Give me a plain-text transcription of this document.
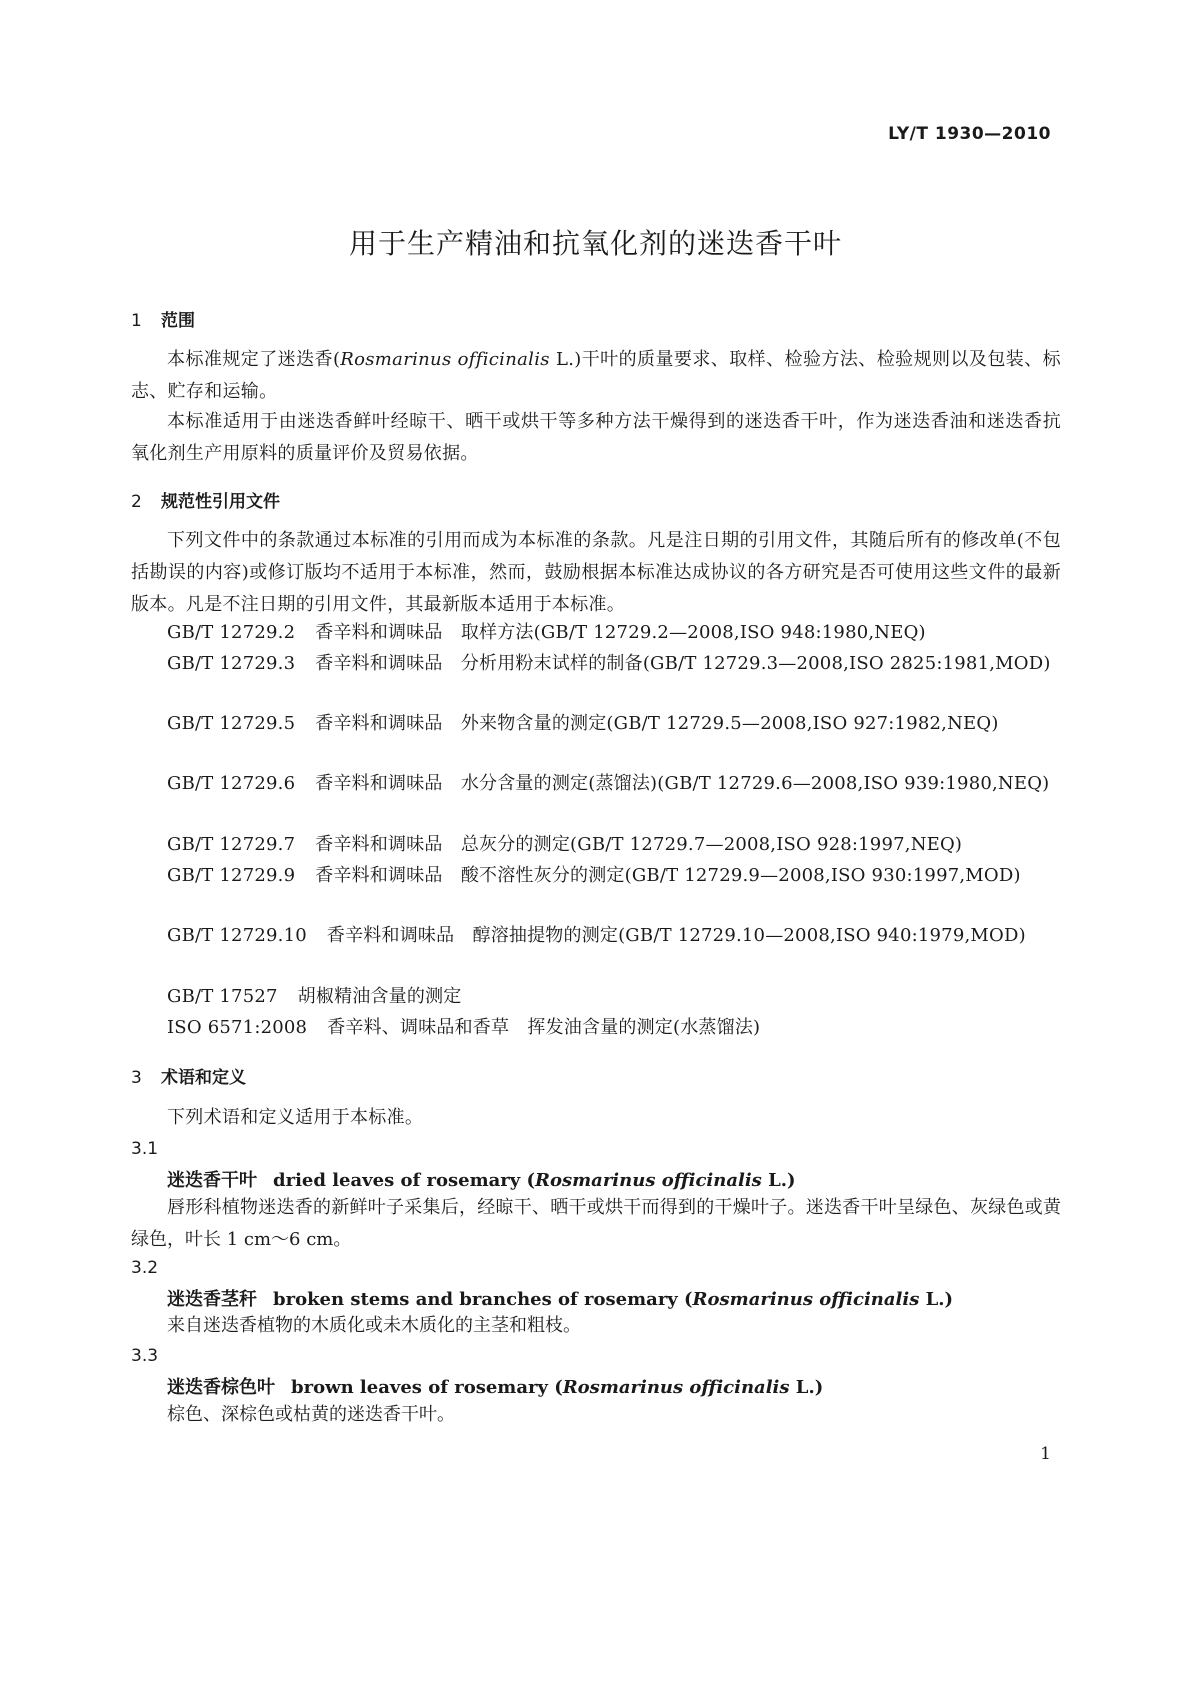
LY/T 1930—2010
用于生产精油和抗氧化剂的迷迭香干叶
1 范围
本标准规定了迷迭香(Rosmarinus officinalis L.)干叶的质量要求、取样、检验方法、检验规则以及包装、标志、贮存和运输。
本标准适用于由迷迭香鲜叶经晾干、晒干或烘干等多种方法干燥得到的迷迭香干叶，作为迷迭香油和迷迭香抗氧化剂生产用原料的质量评价及贸易依据。
2 规范性引用文件
下列文件中的条款通过本标准的引用而成为本标准的条款。凡是注日期的引用文件，其随后所有的修改单(不包括勘误的内容)或修订版均不适用于本标准，然而，鼓励根据本标准达成协议的各方研究是否可使用这些文件的最新版本。凡是不注日期的引用文件，其最新版本适用于本标准。
GB/T 12729.2 香辛料和调味品　取样方法(GB/T 12729.2—2008,ISO 948:1980,NEQ)
GB/T 12729.3 香辛料和调味品　分析用粉末试样的制备(GB/T 12729.3—2008,ISO 2825:1981,MOD)
GB/T 12729.5 香辛料和调味品　外来物含量的测定(GB/T 12729.5—2008,ISO 927:1982,NEQ)
GB/T 12729.6 香辛料和调味品　水分含量的测定(蒸馏法)(GB/T 12729.6—2008,ISO 939:1980,NEQ)
GB/T 12729.7 香辛料和调味品　总灰分的测定(GB/T 12729.7—2008,ISO 928:1997,NEQ)
GB/T 12729.9 香辛料和调味品　酸不溶性灰分的测定(GB/T 12729.9—2008,ISO 930:1997,MOD)
GB/T 12729.10 香辛料和调味品　醇溶抽提物的测定(GB/T 12729.10—2008,ISO 940:1979,MOD)
GB/T 17527 胡椒精油含量的测定
ISO 6571:2008 香辛料、调味品和香草　挥发油含量的测定(水蒸馏法)
3 术语和定义
下列术语和定义适用于本标准。
3.1
迷迭香干叶 dried leaves of rosemary (Rosmarinus officinalis L.)
唇形科植物迷迭香的新鲜叶子采集后，经晾干、晒干或烘干而得到的干燥叶子。迷迭香干叶呈绿色、灰绿色或黄绿色，叶长 1 cm～6 cm。
3.2
迷迭香茎秆 broken stems and branches of rosemary (Rosmarinus officinalis L.)
来自迷迭香植物的木质化或未木质化的主茎和粗枝。
3.3
迷迭香棕色叶 brown leaves of rosemary (Rosmarinus officinalis L.)
棕色、深棕色或枯黄的迷迭香干叶。
1
